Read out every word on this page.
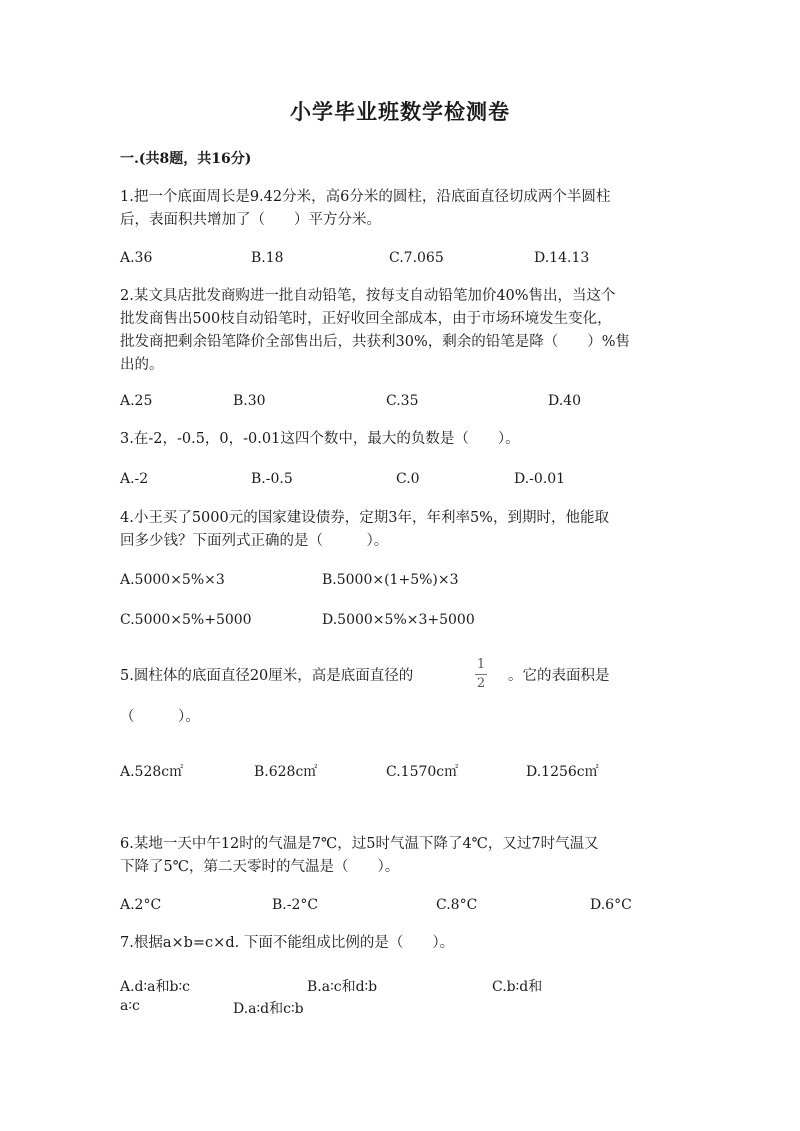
小学毕业班数学检测卷
一.(共8题，共16分)
1.把一个底面周长是9.42分米，高6分米的圆柱，沿底面直径切成两个半圆柱
后，表面积共增加了（　　）平方分米。
A.36	B.18	C.7.065	D.14.13
2.某文具店批发商购进一批自动铅笔，按每支自动铅笔加价40%售出，当这个
批发商售出500枝自动铅笔时，正好收回全部成本，由于市场环境发生变化，
批发商把剩余铅笔降价全部售出后，共获利30%，剩余的铅笔是降（　　）%售
出的。
A.25	B.30	C.35	D.40
3.在-2，-0.5，0，-0.01这四个数中，最大的负数是（　　）。
A.-2	B.-0.5	C.0	D.-0.01
4.小王买了5000元的国家建设债券，定期3年，年利率5%，到期时，他能取
回多少钱？下面列式正确的是（　　　）。
A.5000×5%×3	B.5000×(1+5%)×3
C.5000×5%+5000	D.5000×5%×3+5000
5.圆柱体的底面直径20厘米，高是底面直径的
1
2 。它的表面积是
（　　　）。
A.528c㎡	B.628c㎡	C.1570c㎡	D.1256c㎡
6.某地一天中午12时的气温是7℃，过5时气温下降了4℃，又过7时气温又
下降了5℃，第二天零时的气温是（　　）。
A.2°C	B.-2°C	C.8°C	D.6°C
7.根据a×b=c×d. 下面不能组成比例的是（　　）。
A.d∶a和b∶c	B.a∶c和d∶b	C.b∶d和
a∶c	D.a∶d和c∶b
